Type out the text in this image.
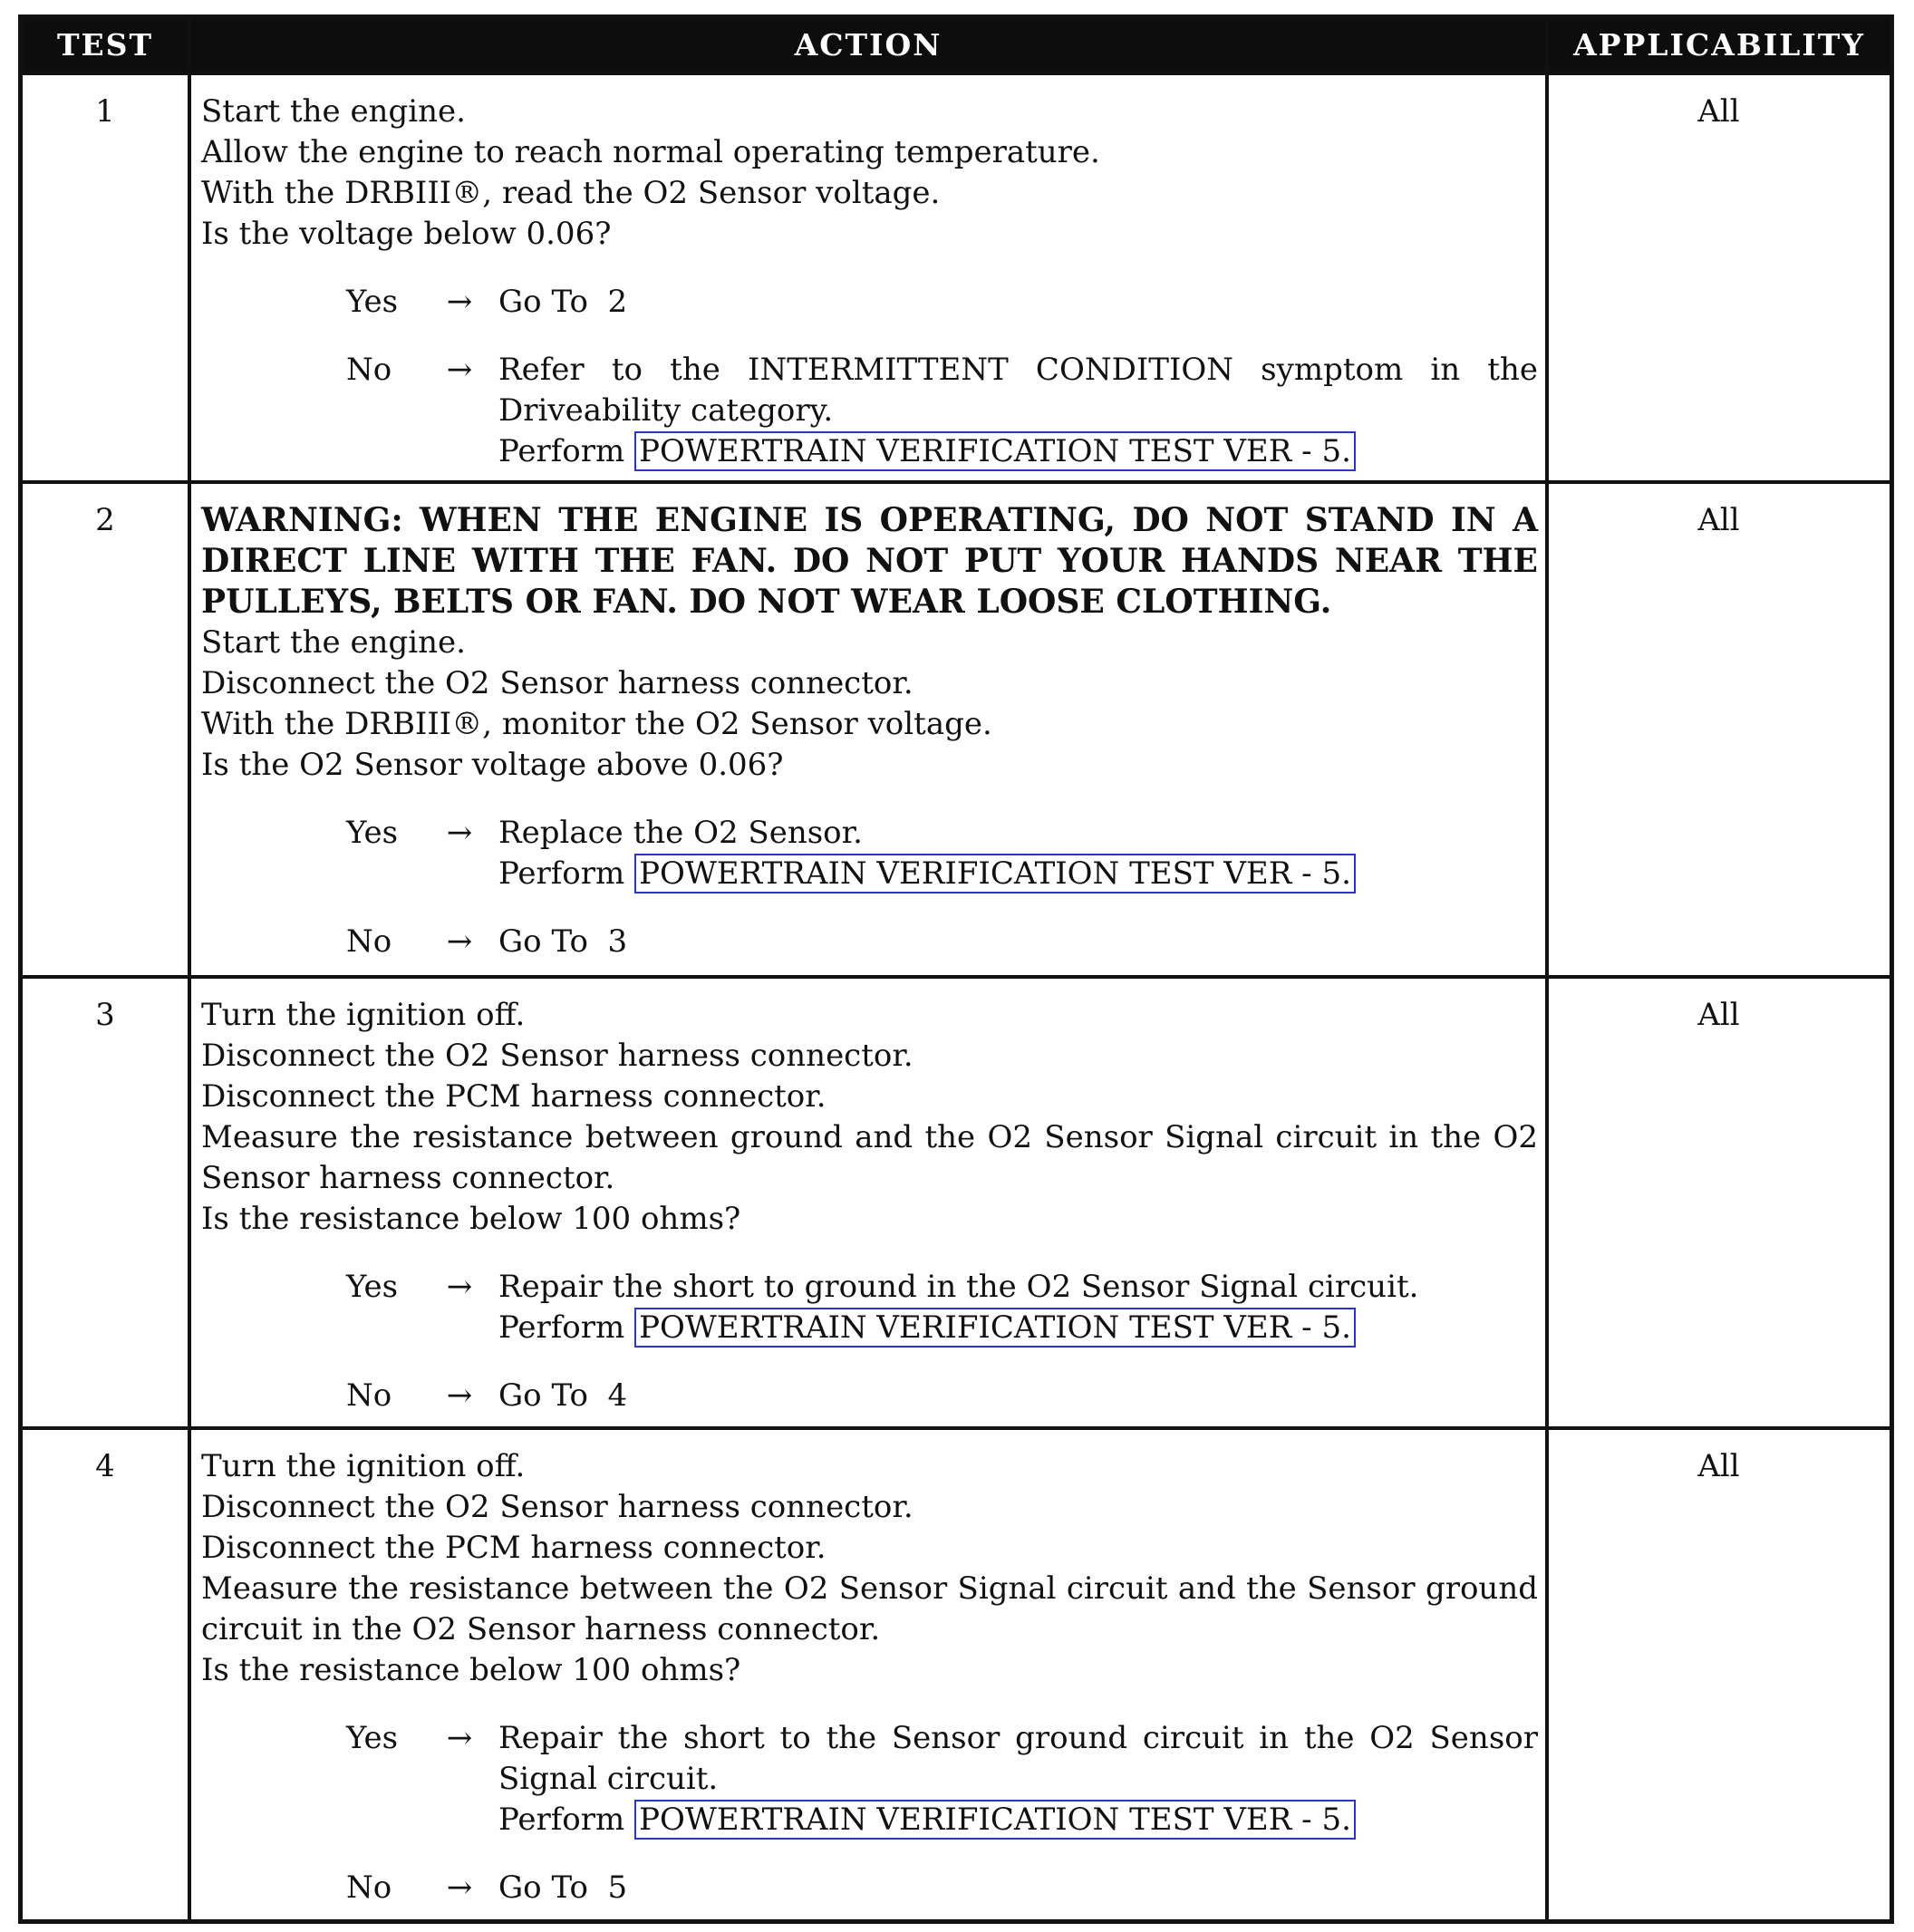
TEST	ACTION	APPLICABILITY
1	Start the engine.
Allow the engine to reach normal operating temperature.
With the DRBIII®, read the O2 Sensor voltage.
Is the voltage below 0.06?
Yes	→ Go To  2
No	→ Refer to the INTERMITTENT CONDITION symptom in the
Driveability category.
Perform POWERTRAIN VERIFICATION TEST VER - 5.
All
2	WARNING: WHEN THE ENGINE IS OPERATING, DO NOT STAND IN A DIRECT LINE WITH THE FAN. DO NOT PUT YOUR HANDS NEAR THE PULLEYS, BELTS OR FAN. DO NOT WEAR LOOSE CLOTHING.
Start the engine.
Disconnect the O2 Sensor harness connector.
With the DRBIII®, monitor the O2 Sensor voltage.
Is the O2 Sensor voltage above 0.06?
Yes	→ Replace the O2 Sensor.
Perform POWERTRAIN VERIFICATION TEST VER - 5.
No	→ Go To  3
All
3	Turn the ignition off.
Disconnect the O2 Sensor harness connector.
Disconnect the PCM harness connector.
Measure the resistance between ground and the O2 Sensor Signal circuit in the O2
Sensor harness connector.
Is the resistance below 100 ohms?
Yes	→ Repair the short to ground in the O2 Sensor Signal circuit.
Perform POWERTRAIN VERIFICATION TEST VER - 5.
No	→ Go To  4
All
4	Turn the ignition off.
Disconnect the O2 Sensor harness connector.
Disconnect the PCM harness connector.
Measure the resistance between the O2 Sensor Signal circuit and the Sensor ground
circuit in the O2 Sensor harness connector.
Is the resistance below 100 ohms?
Yes	→ Repair the short to the Sensor ground circuit in the O2 Sensor
Signal circuit.
Perform POWERTRAIN VERIFICATION TEST VER - 5.
No	→ Go To  5
All
